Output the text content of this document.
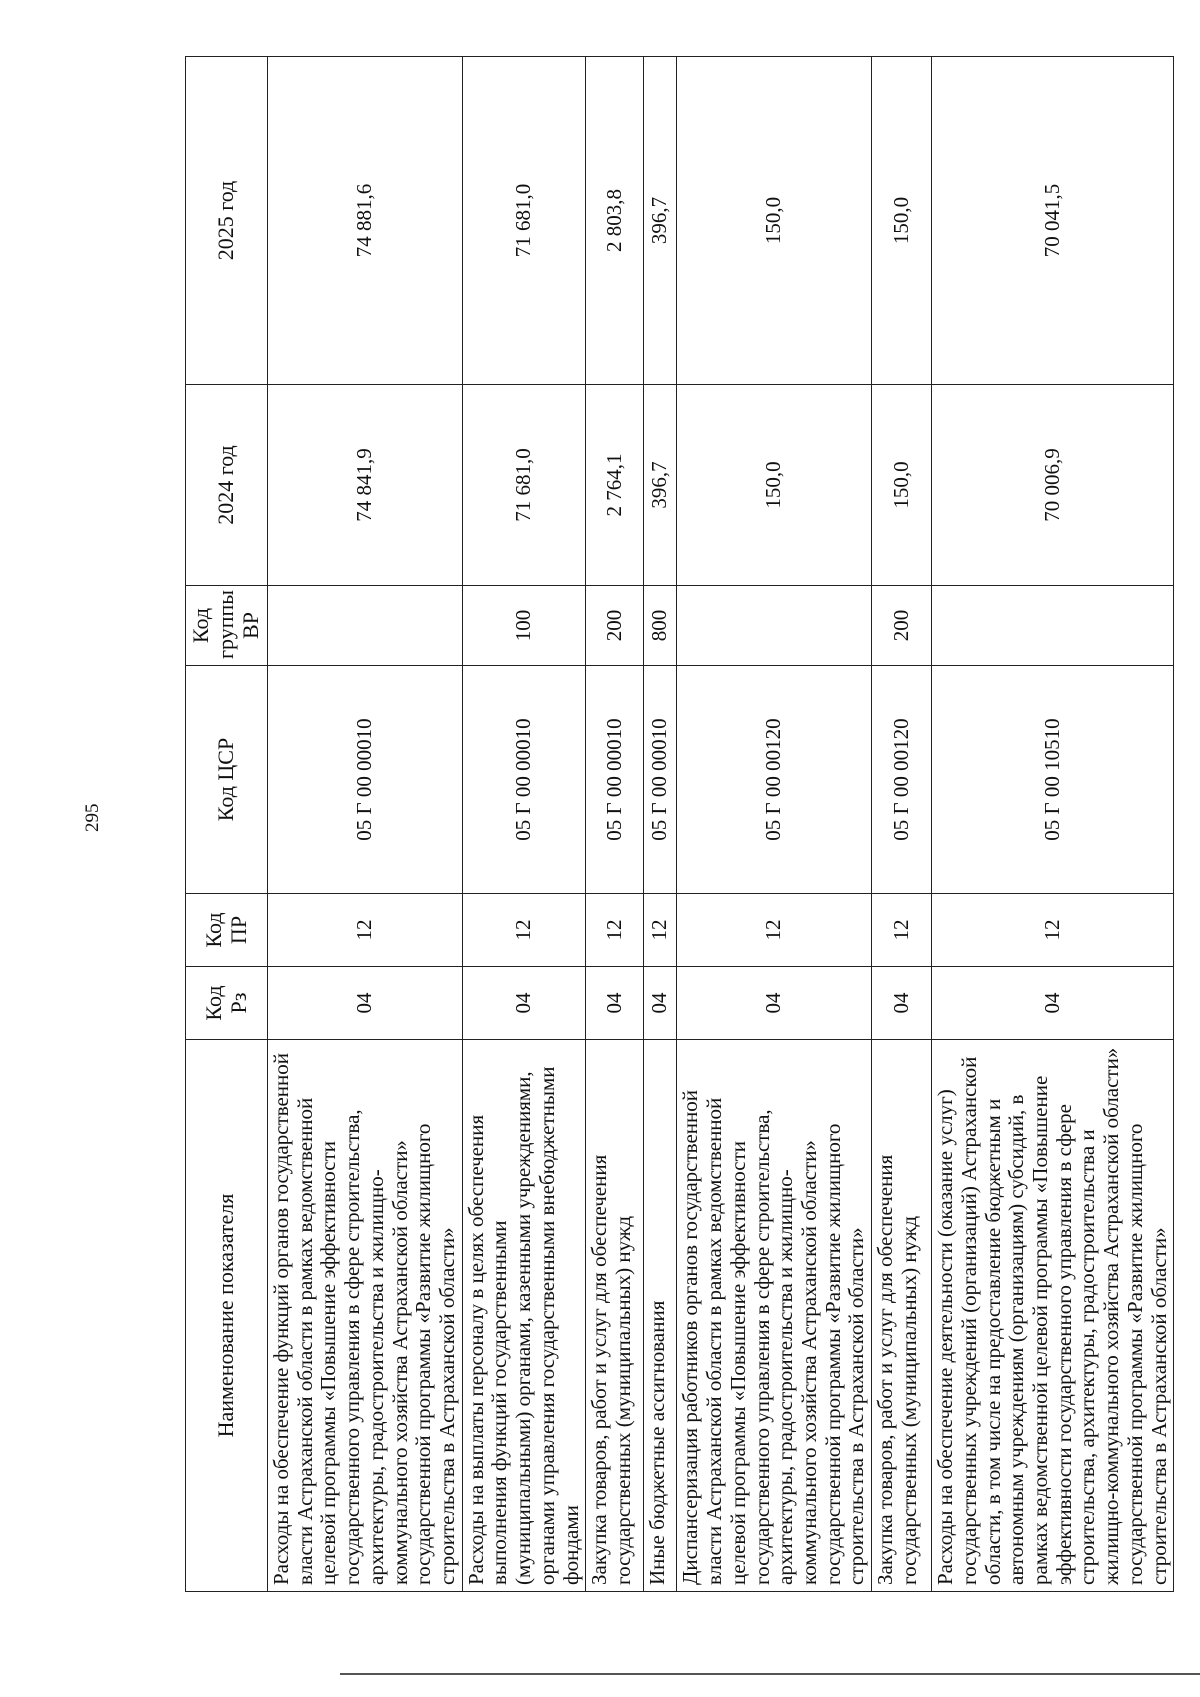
295
Наименование показателя	Код Рз	Код ПР	Код ЦСР	Код группы ВР	2024 год	2025 год
Расходы на обеспечение функций органов государственной власти Астраханской области в рамках ведомственной целевой программы «Повышение эффективности государственного управления в сфере строительства, архитектуры, градостроительства и жилищно-коммунального хозяйства Астраханской области» государственной программы «Развитие жилищного строительства в Астраханской области»	04	12	05 Г 00 00010		74 841,9	74 881,6
Расходы на выплаты персоналу в целях обеспечения выполнения функций государственными (муниципальными) органами, казенными учреждениями, органами управления государственными внебюджетными фондами	04	12	05 Г 00 00010	100	71 681,0	71 681,0
Закупка товаров, работ и услуг для обеспечения государственных (муниципальных) нужд	04	12	05 Г 00 00010	200	2 764,1	2 803,8
Иные бюджетные ассигнования	04	12	05 Г 00 00010	800	396,7	396,7
Диспансеризация работников органов государственной власти Астраханской области в рамках ведомственной целевой программы «Повышение эффективности государственного управления в сфере строительства, архитектуры, градостроительства и жилищно-коммунального хозяйства Астраханской области» государственной программы «Развитие жилищного строительства в Астраханской области»	04	12	05 Г 00 00120		150,0	150,0
Закупка товаров, работ и услуг для обеспечения государственных (муниципальных) нужд	04	12	05 Г 00 00120	200	150,0	150,0
Расходы на обеспечение деятельности (оказание услуг) государственных учреждений (организаций) Астраханской области, в том числе на предоставление бюджетным и автономным учреждениям (организациям) субсидий, в рамках ведомственной целевой программы «Повышение эффективности государственного управления в сфере строительства, архитектуры, градостроительства и жилищно-коммунального хозяйства Астраханской области» государственной программы «Развитие жилищного строительства в Астраханской области»	04	12	05 Г 00 10510		70 006,9	70 041,5
